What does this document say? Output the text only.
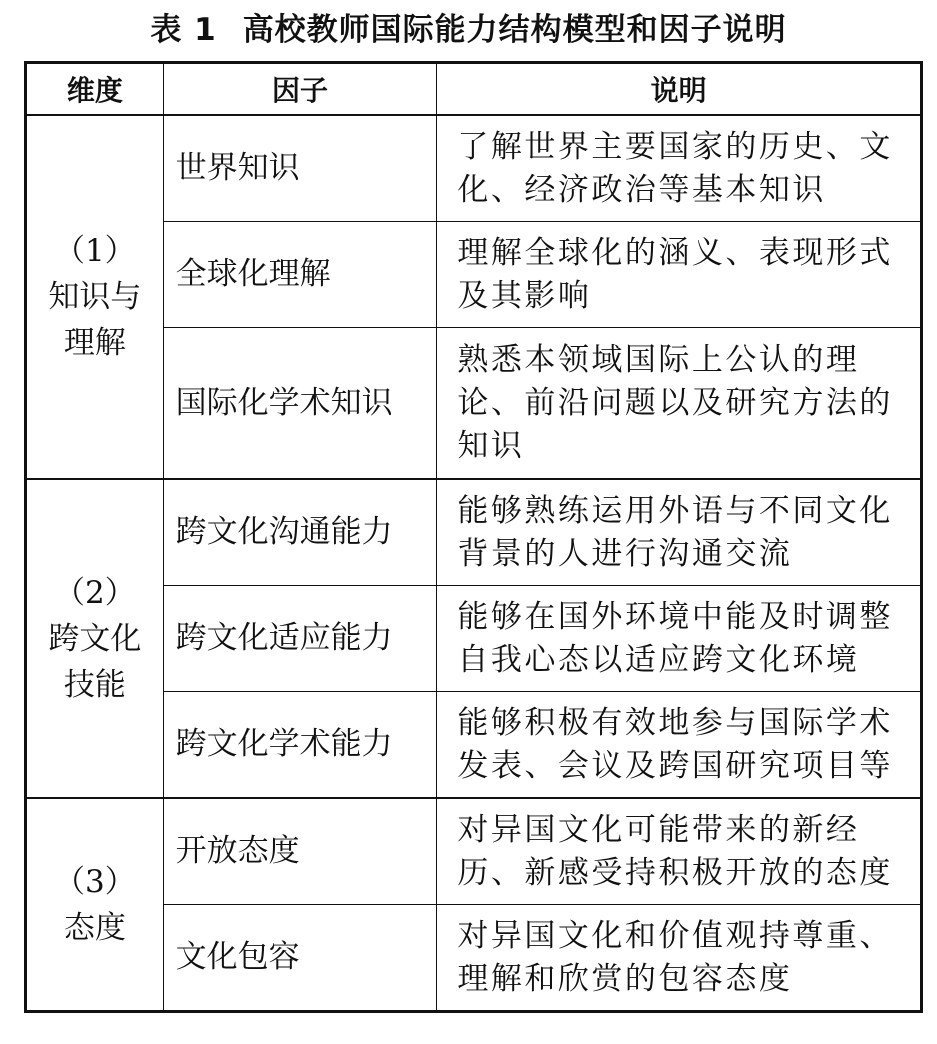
表 1 高校教师国际能力结构模型和因子说明
维度	因子	说明

（1）
知识与
理解	世界知识	了解世界主要国家的历史、文化、经济政治等基本知识
	全球化理解	理解全球化的涵义、表现形式及其影响
	国际化学术知识	熟悉本领域国际上公认的理论、前沿问题以及研究方法的知识

（2）
跨文化
技能	跨文化沟通能力	能够熟练运用外语与不同文化背景的人进行沟通交流
	跨文化适应能力	能够在国外环境中能及时调整自我心态以适应跨文化环境
	跨文化学术能力	能够积极有效地参与国际学术发表、会议及跨国研究项目等

（3）
态度	开放态度	对异国文化可能带来的新经历、新感受持积极开放的态度
	文化包容	对异国文化和价值观持尊重、理解和欣赏的包容态度
